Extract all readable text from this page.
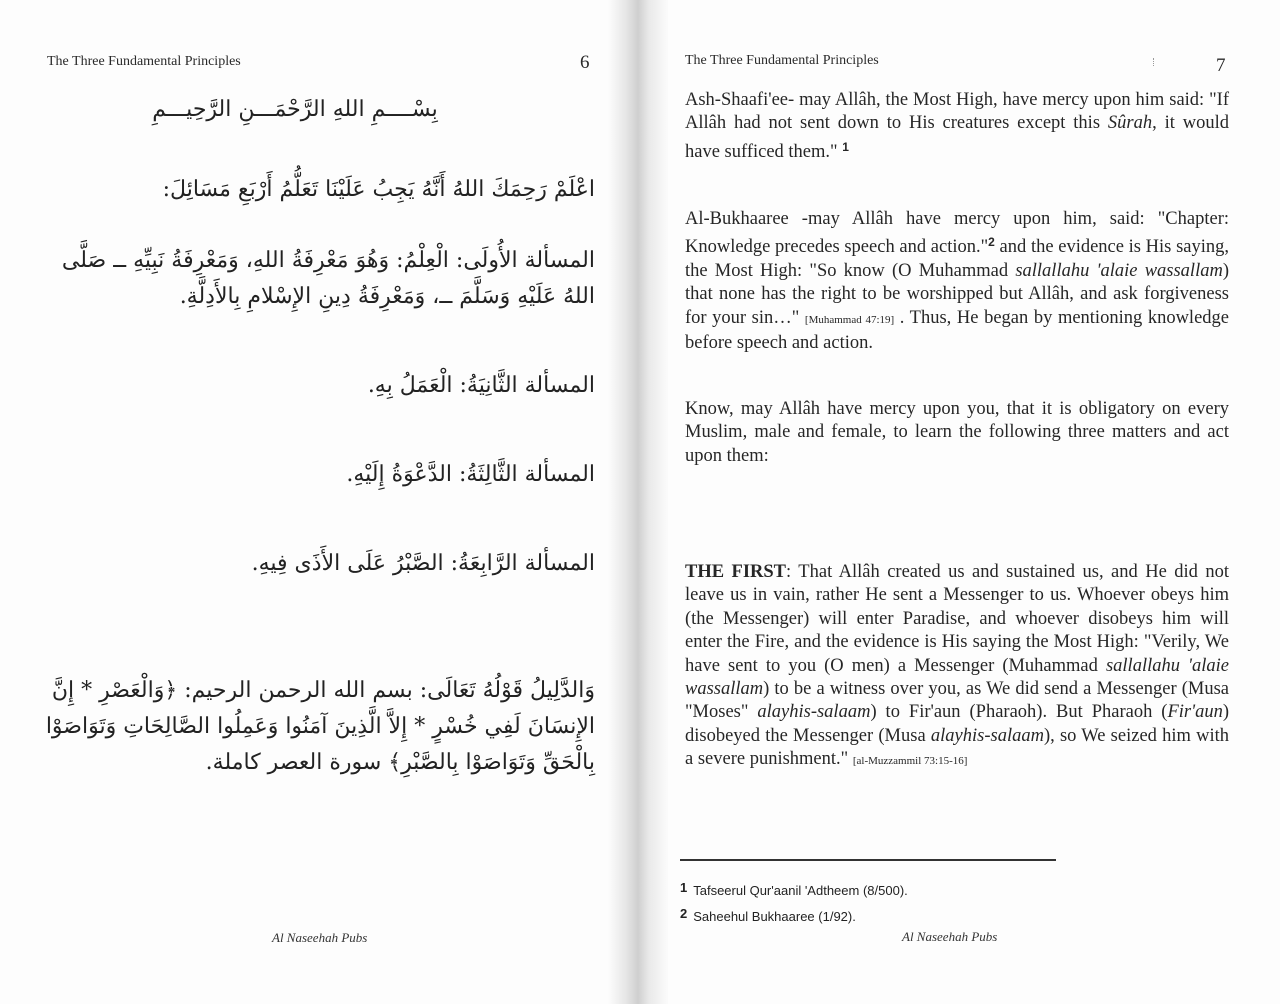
The Three Fundamental Principles	6
بِسْــــمِ اللهِ الرَّحْمَـــنِ الرَّحِيـــمِ
اعْلَمْ رَحِمَكَ اللهُ أَنَّهُ يَجِبُ عَلَيْنَا تَعَلُّمُ أَرْبَعِ مَسَائِلَ:
المسألة الأُولَى: الْعِلْمُ: وَهُوَ مَعْرِفَةُ اللهِ، وَمَعْرِفَةُ نَبِيِّهِ ــ صَلَّى اللهُ عَلَيْهِ وَسَلَّمَ ــ، وَمَعْرِفَةُ دِينِ الإِسْلامِ بِالأَدِلَّةِ.
المسألة الثَّانِيَةُ: الْعَمَلُ بِهِ.
المسألة الثَّالِثَةُ: الدَّعْوَةُ إِلَيْهِ.
المسألة الرَّابِعَةُ: الصَّبْرُ عَلَى الأَذَى فِيهِ.
وَالدَّلِيلُ قَوْلُهُ تَعَالَى: بسم الله الرحمن الرحيم: ﴿وَالْعَصْرِ * إِنَّ الإِنسَانَ لَفِي خُسْرٍ * إِلاَّ الَّذِينَ آمَنُوا وَعَمِلُوا الصَّالِحَاتِ وَتَوَاصَوْا بِالْحَقِّ وَتَوَاصَوْا بِالصَّبْرِ﴾ سورة العصر كاملة.
Al Naseehah Pubs
The Three Fundamental Principles	7
Ash-Shaafi'ee- may Allâh, the Most High, have mercy upon him said: "If Allâh had not sent down to His creatures except this Sûrah, it would have sufficed them." $^1$
Al-Bukhaaree -may Allâh have mercy upon him, said: "Chapter: Knowledge precedes speech and action."$^2$ and the evidence is His saying, the Most High: "So know (O Muhammad sallallahu 'alaie wassallam) that none has the right to be worshipped but Allâh, and ask forgiveness for your sin…" [Muhammad 47:19] . Thus, He began by mentioning knowledge before speech and action.
Know, may Allâh have mercy upon you, that it is obligatory on every Muslim, male and female, to learn the following three matters and act upon them:
THE FIRST: That Allâh created us and sustained us, and He did not leave us in vain, rather He sent a Messenger to us. Whoever obeys him (the Messenger) will enter Paradise, and whoever disobeys him will enter the Fire, and the evidence is His saying the Most High: "Verily, We have sent to you (O men) a Messenger (Muhammad sallallahu 'alaie wassallam) to be a witness over you, as We did send a Messenger (Musa "Moses" alayhis-salaam) to Fir'aun (Pharaoh). But Pharaoh (Fir'aun) disobeyed the Messenger (Musa alayhis-salaam), so We seized him with a severe punishment." [al-Muzzammil 73:15-16]
1 Tafseerul Qur'aanil 'Adtheem (8/500).
2 Saheehul Bukhaaree (1/92).
Al Naseehah Pubs
